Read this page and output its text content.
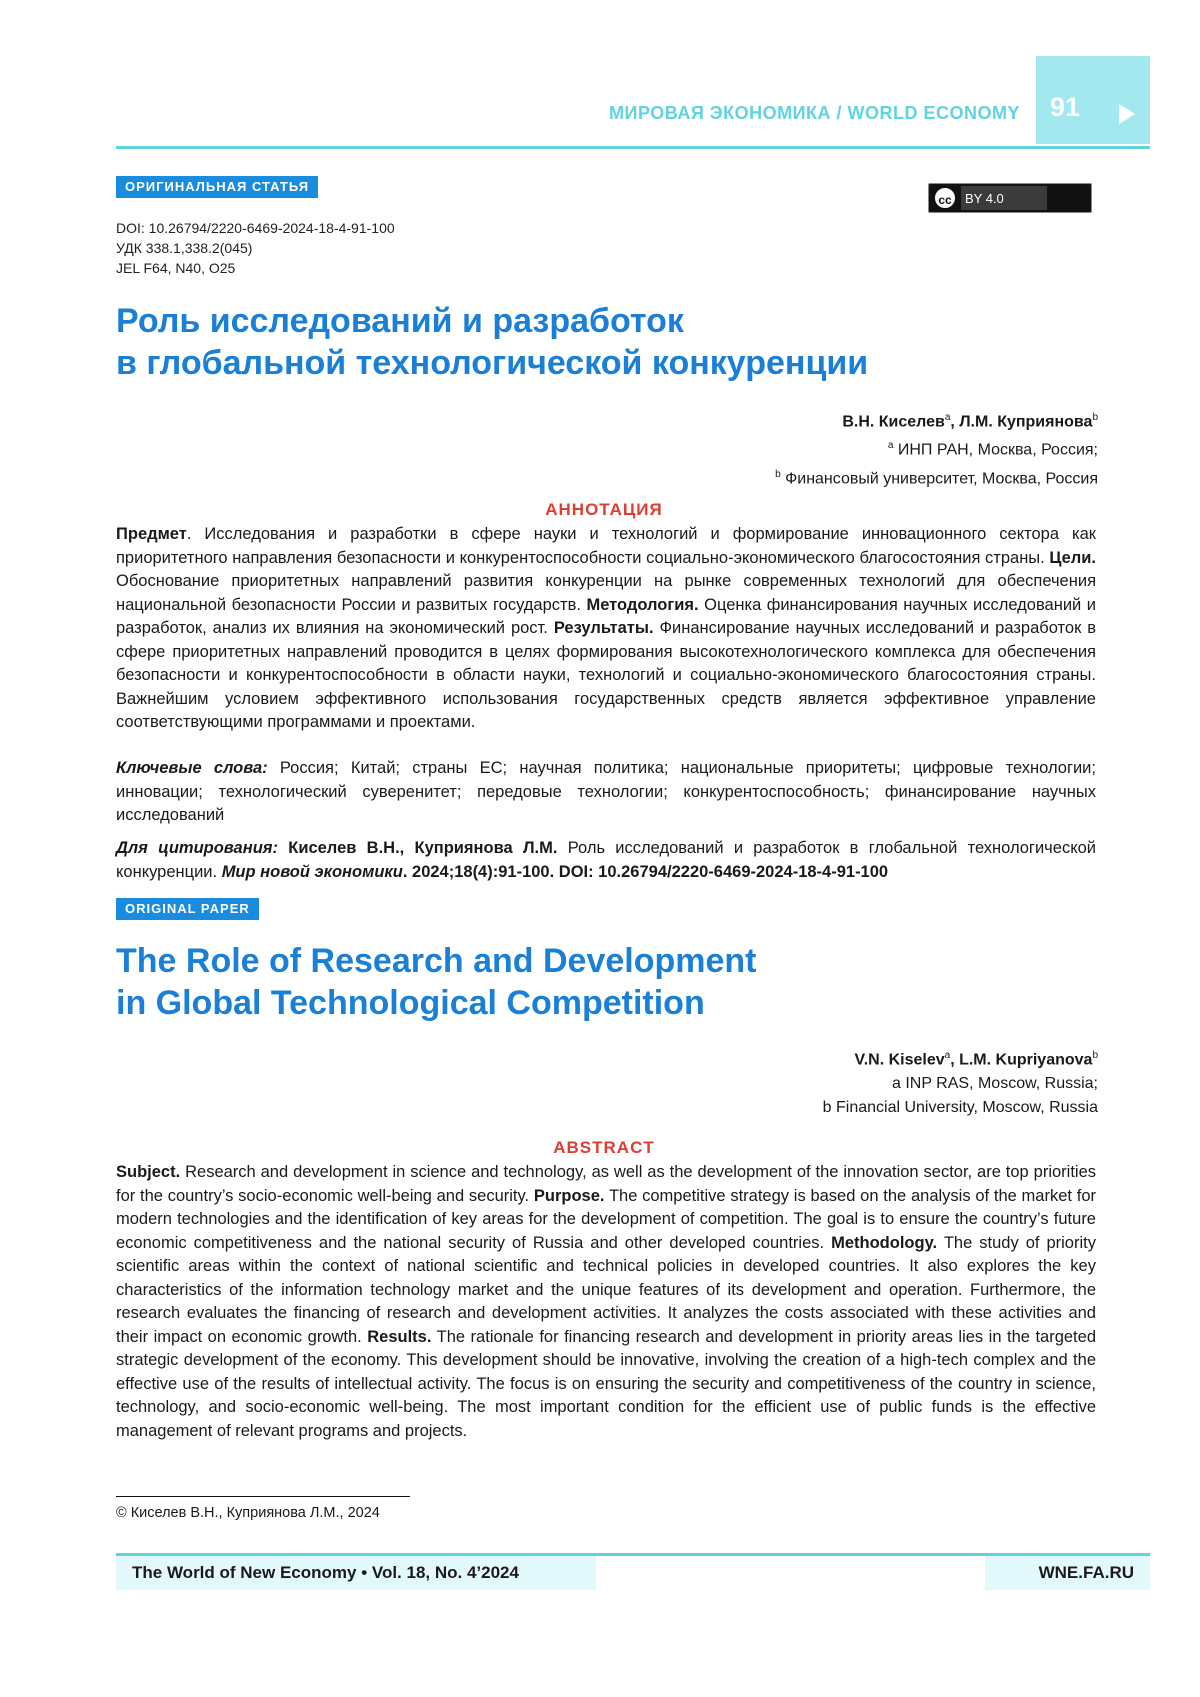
МИРОВАЯ ЭКОНОМИКА / WORLD ECONOMY 91
ОРИГИНАЛЬНАЯ СТАТЬЯ
cc	BY 4.0
DOI: 10.26794/2220-6469-2024-18-4-91-100
УДК 338.1,338.2(045)
JEL F64, N40, O25
Роль исследований и разработок
в глобальной технологической конкуренции
В.Н. Киселев$^a$, Л.М. Куприянова$^b$
$^a$ ИНП РАН, Москва, Россия;
$^b$ Финансовый университет, Москва, Россия
АННОТАЦИЯ
Предмет. Исследования и разработки в сфере науки и технологий и формирование инновационного сектора как приоритетного направления безопасности и конкурентоспособности социально-экономического благосостояния страны. Цели. Обоснование приоритетных направлений развития конкуренции на рынке современных технологий для обеспечения национальной безопасности России и развитых государств. Методология. Оценка финансирования научных исследований и разработок, анализ их влияния на экономический рост. Результаты. Финансирование научных исследований и разработок в сфере приоритетных направлений проводится в целях формирования высокотехнологического комплекса для обеспечения безопасности и конкурентоспособности в области науки, технологий и социально-экономического благосостояния страны. Важнейшим условием эффективного использования государственных средств является эффективное управление соответствующими программами и проектами.
Ключевые слова: Россия; Китай; страны ЕС; научная политика; национальные приоритеты; цифровые технологии; инновации; технологический суверенитет; передовые технологии; конкурентоспособность; финансирование научных исследований
Для цитирования: Киселев В.Н., Куприянова Л.М. Роль исследований и разработок в глобальной технологической конкуренции. Мир новой экономики. 2024;18(4):91-100. DOI: 10.26794/2220-6469-2024-18-4-91-100
ORIGINAL PAPER
The Role of Research and Development
in Global Technological Competition
V.N. Kiselev$^a$, L.M. Kupriyanova$^b$
a INP RAS, Moscow, Russia;
b Financial University, Moscow, Russia
ABSTRACT
Subject. Research and development in science and technology, as well as the development of the innovation sector, are top priorities for the country’s socio-economic well-being and security. Purpose. The competitive strategy is based on the analysis of the market for modern technologies and the identification of key areas for the development of competition. The goal is to ensure the country’s future economic competitiveness and the national security of Russia and other developed countries. Methodology. The study of priority scientific areas within the context of national scientific and technical policies in developed countries. It also explores the key characteristics of the information technology market and the unique features of its development and operation. Furthermore, the research evaluates the financing of research and development activities. It analyzes the costs associated with these activities and their impact on economic growth. Results. The rationale for financing research and development in priority areas lies in the targeted strategic development of the economy. This development should be innovative, involving the creation of a high-tech complex and the effective use of the results of intellectual activity. The focus is on ensuring the security and competitiveness of the country in science, technology, and socio-economic well-being. The most important condition for the efficient use of public funds is the effective management of relevant programs and projects.
© Киселев В.Н., Куприянова Л.М., 2024
The World of New Economy • Vol. 18, No. 4’2024	WNE.FA.RU
